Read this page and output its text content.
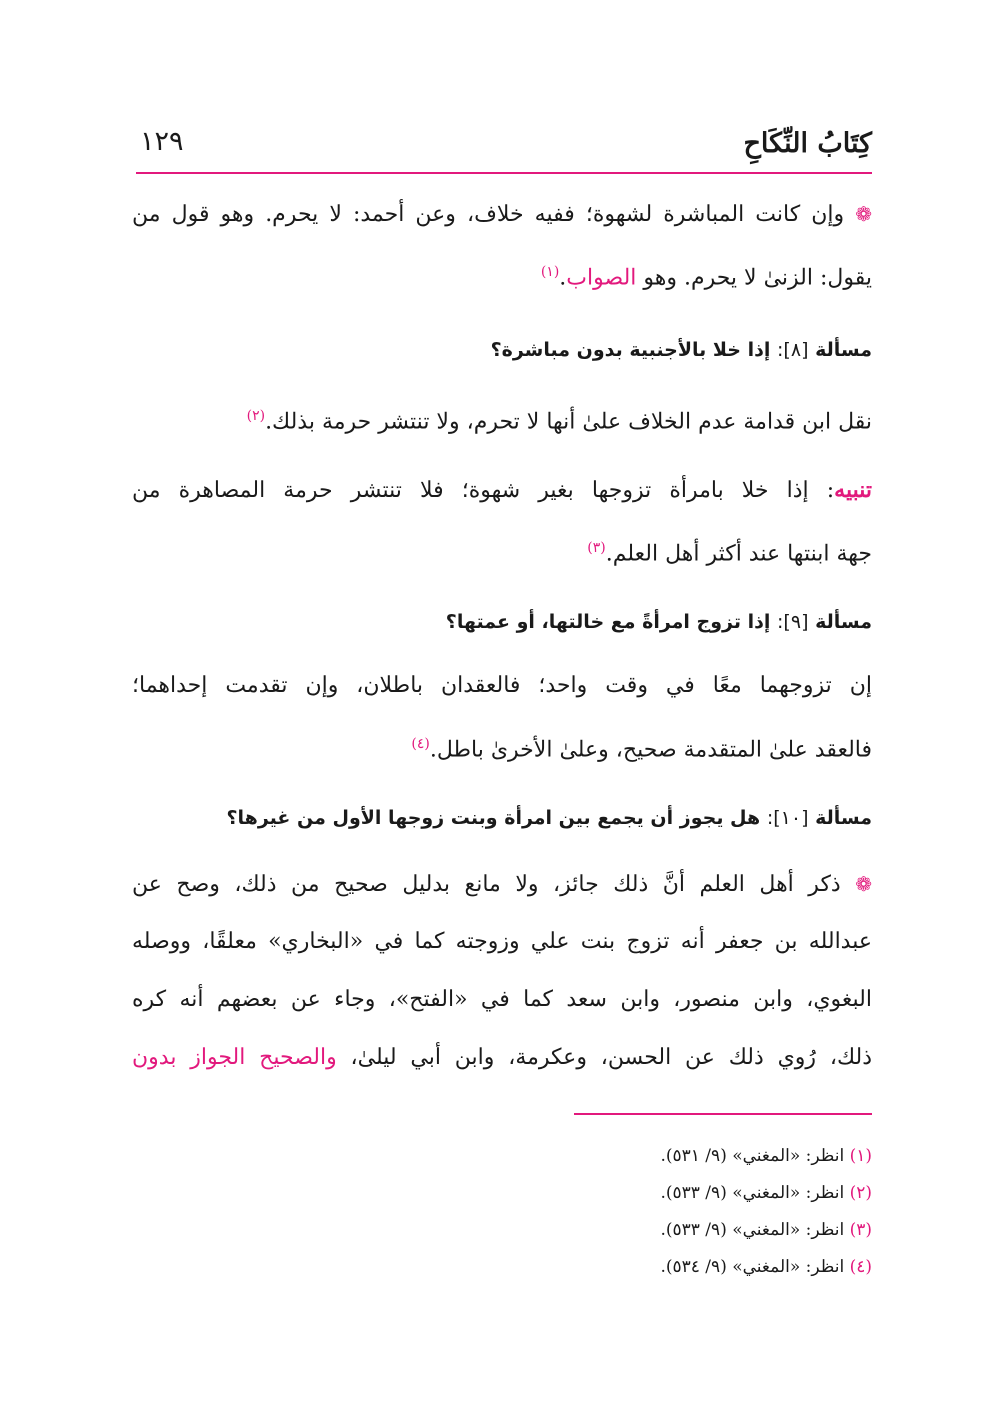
كِتَابُ النِّكَاحِ
١٢٩
❁ وإن كانت المباشرة لشهوة؛ ففيه خلاف، وعن أحمد: لا يحرم. وهو قول من
يقول: الزنىٰ لا يحرم. وهو الصواب.$^{(١)}$
مسألة [٨]: إذا خلا بالأجنبية بدون مباشرة؟
نقل ابن قدامة عدم الخلاف علىٰ أنها لا تحرم، ولا تنتشر حرمة بذلك.$^{(٢)}$
تنبيه: إذا خلا بامرأة تزوجها بغير شهوة؛ فلا تنتشر حرمة المصاهرة من
جهة ابنتها عند أكثر أهل العلم.$^{(٣)}$
مسألة [٩]: إذا تزوج امرأةً مع خالتها، أو عمتها؟
إن تزوجهما معًا في وقت واحد؛ فالعقدان باطلان، وإن تقدمت إحداهما؛
فالعقد علىٰ المتقدمة صحيح، وعلىٰ الأخرىٰ باطل.$^{(٤)}$
مسألة [١٠]: هل يجوز أن يجمع بين امرأة وبنت زوجها الأول من غيرها؟
❁ ذكر أهل العلم أنَّ ذلك جائز، ولا مانع بدليل صحيح من ذلك، وصح عن
عبدالله بن جعفر أنه تزوج بنت علي وزوجته كما في «البخاري» معلقًا، ووصله
البغوي، وابن منصور، وابن سعد كما في «الفتح»، وجاء عن بعضهم أنه كره
ذلك، رُوي ذلك عن الحسن، وعكرمة، وابن أبي ليلىٰ، والصحيح الجواز بدون
(١) انظر: «المغني» (٩/ ٥٣١).
(٢) انظر: «المغني» (٩/ ٥٣٣).
(٣) انظر: «المغني» (٩/ ٥٣٣).
(٤) انظر: «المغني» (٩/ ٥٣٤).
